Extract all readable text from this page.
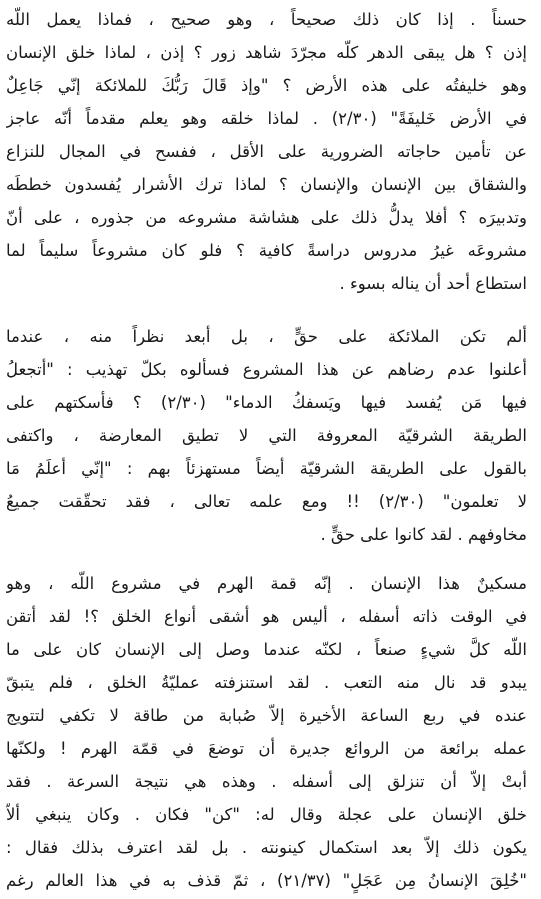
حسناً . إذا كان ذلك صحيحاً ، وهو صحيح ، فماذا يعمل اللّه
إذن ؟ هل يبقى الدهر كلّه مجرّدَ شاهد زور ؟ إذن ، لماذا خلق الإنسان
وهو خليفتُه على هذه الأرض ؟ "وإذ قَالَ رَبُّكَ للملائكة إنّي جَاعِلٌ
في الأرض خَليفَةً" (٢/٣٠) . لماذا خلقه وهو يعلم مقدماً أنّه عاجز
عن تأمين حاجاته الضرورية على الأقل ، ففسح في المجال للنزاع
والشقاق بين الإنسان والإنسان ؟ لماذا ترك الأشرار يُفسدون خططَه
وتدبيرَه ؟ أفلا يدلُّ ذلك على هشاشة مشروعه من جذوره ، على أنّ
مشروعَه غيرُ مدروس دراسةً كافية ؟ فلو كان مشروعاً سليماً لما
استطاع أحد أن يناله بسوء .
ألم تكن الملائكة على حقٍّ ، بل أبعد نظراً منه ، عندما
أعلنوا عدم رضاهم عن هذا المشروع فسألوه بكلّ تهذيب : "أتجعلُ
فيها مَن يُفسد فيها ويَسفكُ الدماء" (٢/٣٠) ؟ فأسكتهم على
الطريقة الشرقيّة المعروفة التي لا تطيق المعارضة ، واكتفى
بالقول على الطريقة الشرقيّة أيضاً مستهزئاً بهم : "إنّي أعلَمُ مَا
لا تعلمون" (٢/٣٠) !! ومع علمه تعالى ، فقد تحقّقت جميعُ
مخاوفهم . لقد كانوا على حقٍّ .
مسكينٌ هذا الإنسان . إنّه قمة الهرم في مشروع اللّه ، وهو
في الوقت ذاته أسفله ، أليس هو أشقى أنواع الخلق ؟! لقد أتقن
اللّه كلَّ شيءٍ صنعاً ، لكنّه عندما وصل إلى الإنسان كان على ما
يبدو قد نال منه التعب . لقد استنزفته عمليّةُ الخلق ، فلم يتبقّ
عنده في ربع الساعة الأخيرة إلاّ صُبابة من طاقة لا تكفي لتتويج
عمله برائعة من الروائع جديرة أن توضعَ في قمّة الهرم ! ولكنّها
أبتْ إلاّ أن تنزلق إلى أسفله . وهذه هي نتيجة السرعة . فقد
خلق الإنسان على عجلة وقال له: "كن" فكان . وكان ينبغي ألاّ
يكون ذلك إلاّ بعد استكمال كينونته . بل لقد اعترف بذلك فقال :
"خُلِقَ الإنسانُ مِن عَجَلٍ" (٢١/٣٧) ، ثمّ قذف به في هذا العالم رغم
